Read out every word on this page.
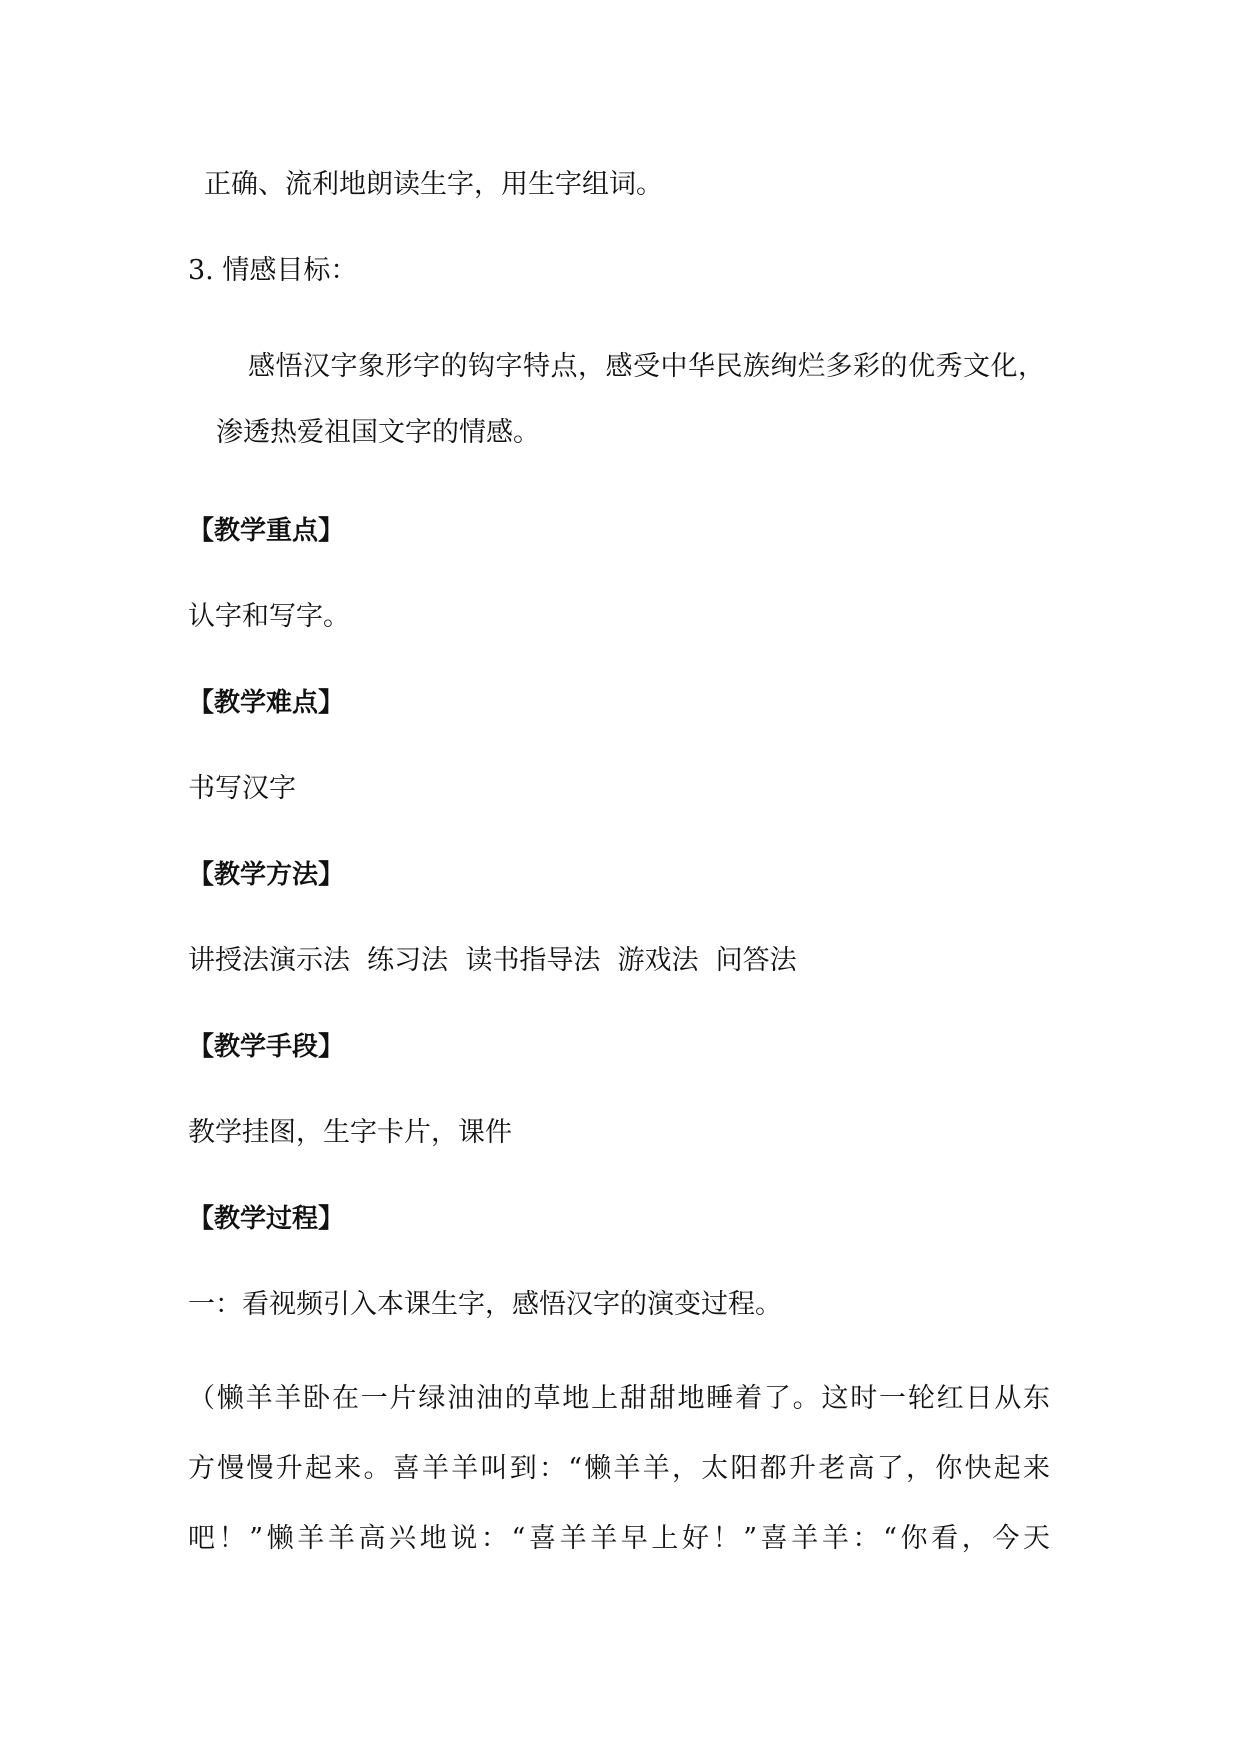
正确、流利地朗读生字，用生字组词。
3. 情感目标：
感悟汉字象形字的钩字特点，感受中华民族绚烂多彩的优秀文化，
渗透热爱祖国文字的情感。
【教学重点】
认字和写字。
【教学难点】
书写汉字
【教学方法】
讲授法演示法  练习法  读书指导法  游戏法  问答法
【教学手段】
教学挂图，生字卡片，课件
【教学过程】
一：看视频引入本课生字，感悟汉字的演变过程。
（懒羊羊卧在一片绿油油的草地上甜甜地睡着了。这时一轮红日从东
方慢慢升起来。喜羊羊叫到：“懒羊羊，太阳都升老高了，你快起来
吧！”懒羊羊高兴地说：“喜羊羊早上好！”喜羊羊：“你看，今天
